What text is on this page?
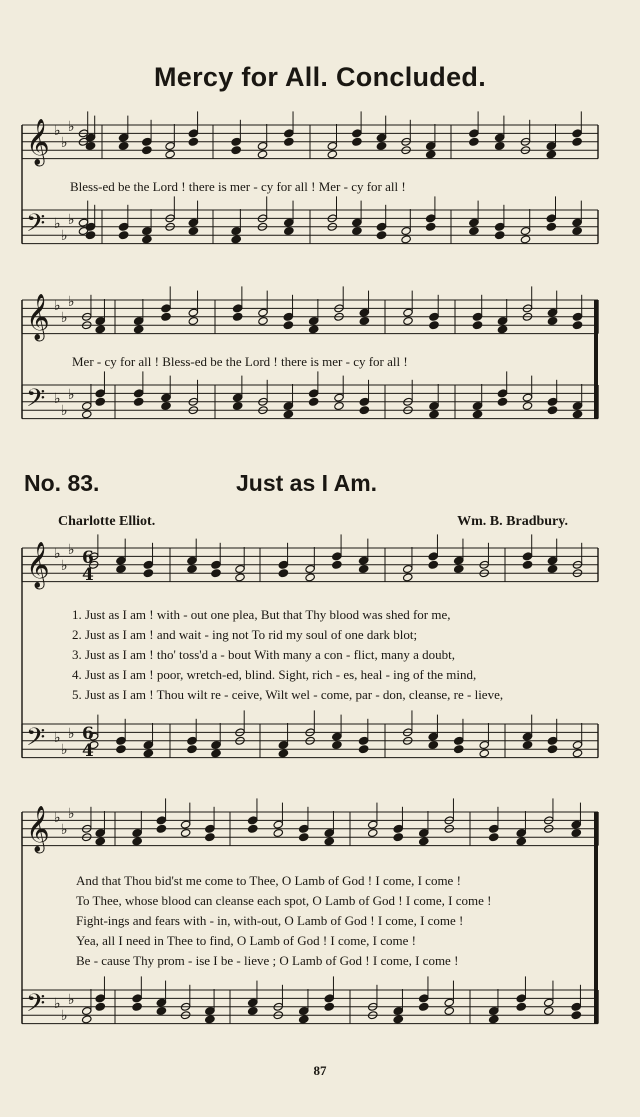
Mercy for All. Concluded.
𝄞 ♭
♭
♭
𝄢 ♭
♭
♭
𝄞 ♭
♭
♭
𝄢 ♭
♭
♭
𝄞 ♭
♭
♭
𝄢 ♭
♭
♭
𝄞 ♭
♭
♭
𝄢 ♭
♭
♭
6
4
6
4
Bless-ed be the Lord ! there is mer - cy for all ! Mer - cy for all !
Mer - cy for all ! Bless-ed be the Lord ! there is mer - cy for all !
No. 83.	Just as I Am.
Charlotte Elliot.	Wm. B. Bradbury.
1. Just as I am ! with - out one plea, But that Thy blood was shed for me,
2. Just as I am ! and wait - ing not To rid my soul of one dark blot;
3. Just as I am ! tho' toss'd a - bout With many a con - flict, many a doubt,
4. Just as I am ! poor, wretch-ed, blind. Sight, rich - es, heal - ing of the mind,
5. Just as I am ! Thou wilt re - ceive, Wilt wel - come, par - don, cleanse, re - lieve,
And that Thou bid'st me come to Thee, O Lamb of God ! I come, I come !
To Thee, whose blood can cleanse each spot, O Lamb of God ! I come, I come !
Fight-ings and fears with - in, with-out, O Lamb of God ! I come, I come !
Yea, all I need in Thee to find, O Lamb of God ! I come, I come !
Be - cause Thy prom - ise I be - lieve ; O Lamb of God ! I come, I come !
87
